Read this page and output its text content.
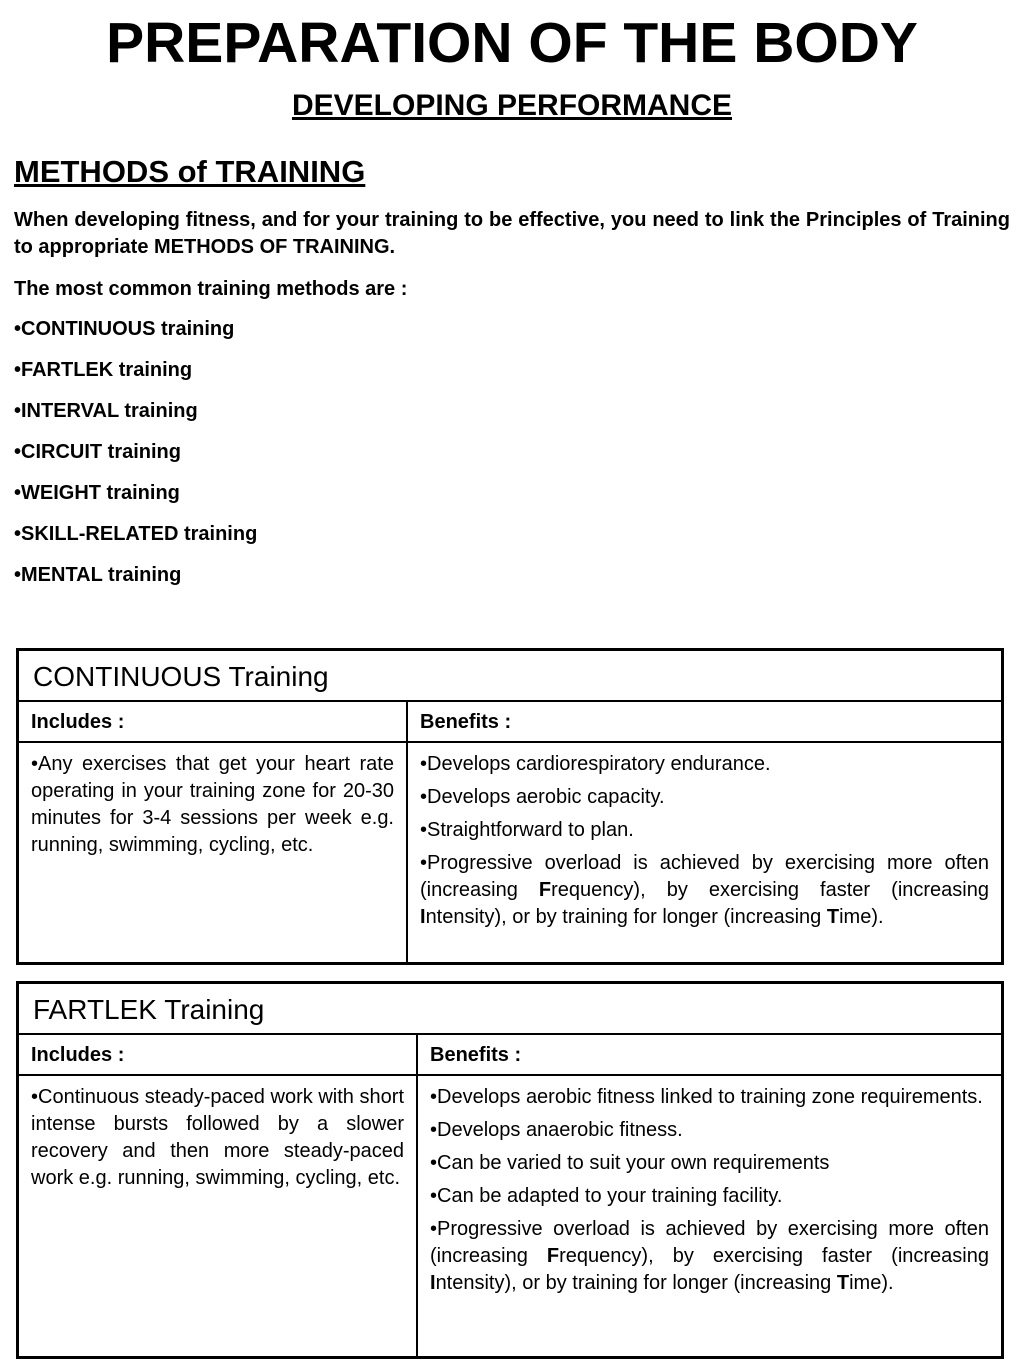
PREPARATION OF THE BODY
DEVELOPING PERFORMANCE
METHODS of TRAINING
When developing fitness, and for your training to be effective, you need to link the Principles of Training to appropriate METHODS OF TRAINING.
The most common training methods are :
•CONTINUOUS training
•FARTLEK training
•INTERVAL training
•CIRCUIT training
•WEIGHT training
•SKILL-RELATED training
•MENTAL training
CONTINUOUS Training
Includes :	Benefits :

•Any exercises that get your heart rate operating in your training zone for 20-30 minutes for 3-4 sessions per week e.g. running, swimming, cycling, etc.

•Develops cardiorespiratory endurance.

•Develops aerobic capacity.

•Straightforward to plan.

•Progressive overload is achieved by exercising more often (increasing Frequency), by exercising faster (increasing Intensity), or by training for longer (increasing Time).

FARTLEK Training
Includes :	Benefits :

•Continuous steady-paced work with short intense bursts followed by a slower recovery and then more steady-paced work e.g. running, swimming, cycling, etc.

•Develops aerobic fitness linked to training zone requirements.

•Develops anaerobic fitness.

•Can be varied to suit your own requirements

•Can be adapted to your training facility.

•Progressive overload is achieved by exercising more often (increasing Frequency), by exercising faster (increasing Intensity), or by training for longer (increasing Time).
